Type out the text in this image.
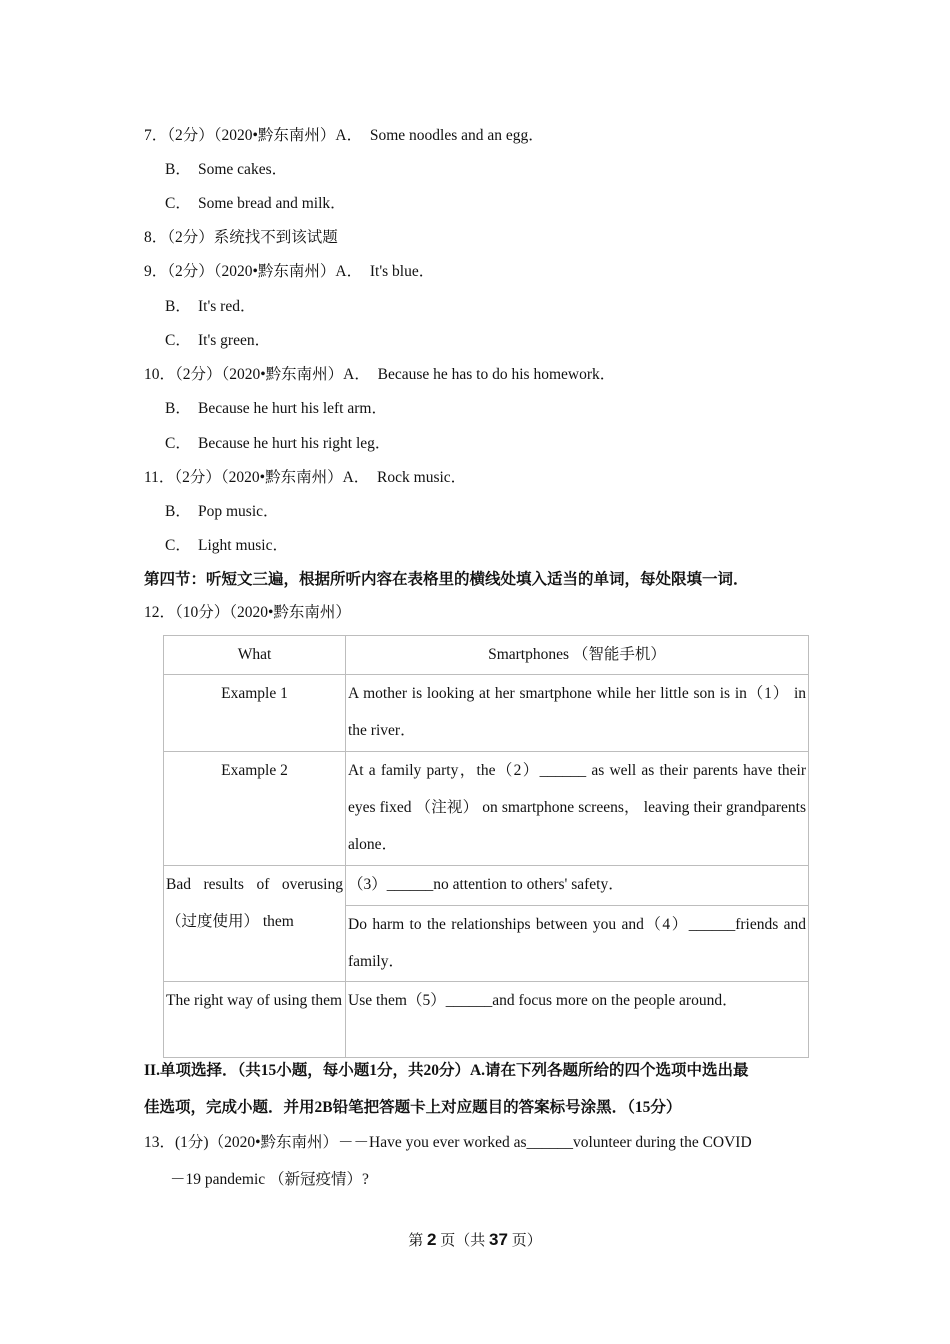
7．（2分）（2020•黔东南州）A． Some noodles and an egg．
B． Some cakes．
C． Some bread and milk．
8．（2分）系统找不到该试题
9．（2分）（2020•黔东南州）A． It's blue．
B． It's red．
C． It's green．
10．（2分）（2020•黔东南州）A． Because he has to do his homework．
B． Because he hurt his left arm．
C． Because he hurt his right leg．
11．（2分）（2020•黔东南州）A． Rock music．
B． Pop music．
C． Light music．
第四节：听短文三遍，根据所听内容在表格里的横线处填入适当的单词，每处限填一词．
12．（10分）（2020•黔东南州）
What	Smartphones （智能手机）
Example 1	A mother is looking at her smartphone while her little son is in（1） in the river．
Example 2	At a family party，the（2）______ as well as their parents have their eyes fixed （注视） on smartphone screens， leaving their grandparents alone．
Bad results of overusing （过度使用） them	（3）______no attention to others' safety．
	Do harm to the relationships between you and（4）______friends and family．
The right way of using them	Use them（5）______and focus more on the people around．
II.单项选择．（共15小题，每小题1分，共20分）A.请在下列各题所给的四个选项中选出最
佳选项，完成小题．并用2B铅笔把答题卡上对应题目的答案标号涂黑．（15分）
13．(1分)（2020•黔东南州）－－Have you ever worked as______volunteer during the COVID
－19 pandemic （新冠疫情）?
第 2 页（共 37 页）
